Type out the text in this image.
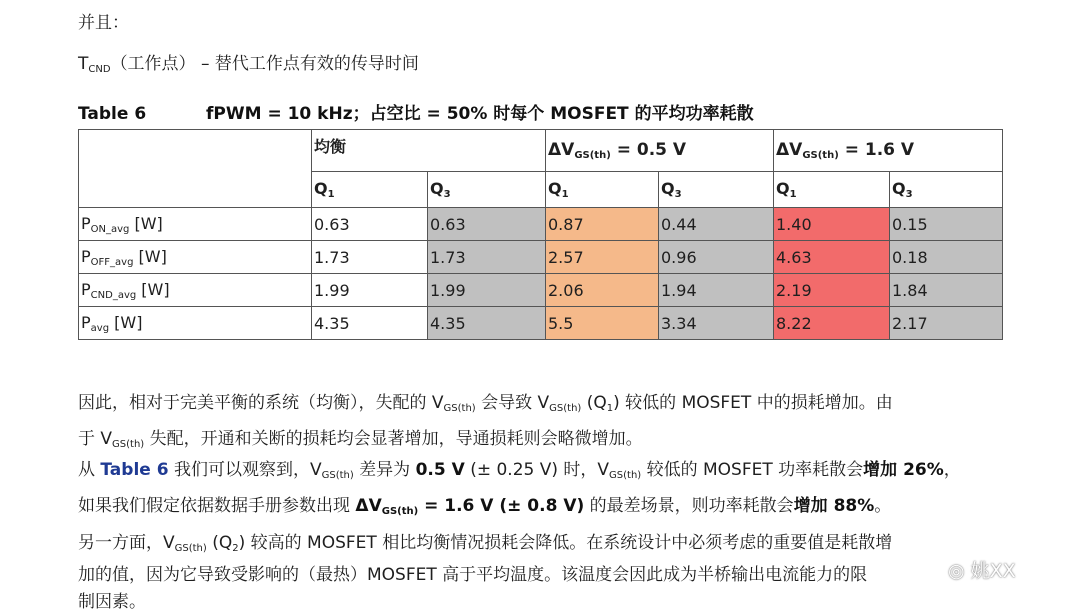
并且：
$T_{CND}$（工作点） – 替代工作点有效的传导时间
Table 6	fPWM = 10 kHz；占空比 = 50% 时每个 MOSFET 的平均功率耗散
	均衡		$\Delta V_{GS(th)} = 0.5$ V		$\Delta V_{GS(th)} = 1.6$ V	
	$Q_1$	$Q_3$	$Q_1$	$Q_3$	$Q_1$	$Q_3$
$P_{ON\_avg}$ [W]	0.63	0.63	0.87	0.44	1.40	0.15
$P_{OFF\_avg}$ [W]	1.73	1.73	2.57	0.96	4.63	0.18
$P_{CND\_avg}$ [W]	1.99	1.99	2.06	1.94	2.19	1.84
$P_{avg}$ [W]	4.35	4.35	5.5	3.34	8.22	2.17
因此，相对于完美平衡的系统（均衡），失配的 $V_{GS(th)}$ 会导致 $V_{GS(th)}$ $(Q_1)$ 较低的 MOSFET 中的损耗增加。由
于 $V_{GS(th)}$ 失配，开通和关断的损耗均会显著增加，导通损耗则会略微增加。
从 Table 6 我们可以观察到，$V_{GS(th)}$ 差异为 0.5 V (± 0.25 V) 时，$V_{GS(th)}$ 较低的 MOSFET 功率耗散会增加 26%，
如果我们假定依据数据手册参数出现 $\Delta V_{GS(th)} = 1.6$ V (± 0.8 V) 的最差场景，则功率耗散会增加 88%。
另一方面，$V_{GS(th)}$ $(Q_2)$ 较高的 MOSFET 相比均衡情况损耗会降低。在系统设计中必须考虑的重要值是耗散增
加的值，因为它导致受影响的（最热）MOSFET 高于平均温度。该温度会因此成为半桥输出电流能力的限
制因素。
◎ 姚XX
